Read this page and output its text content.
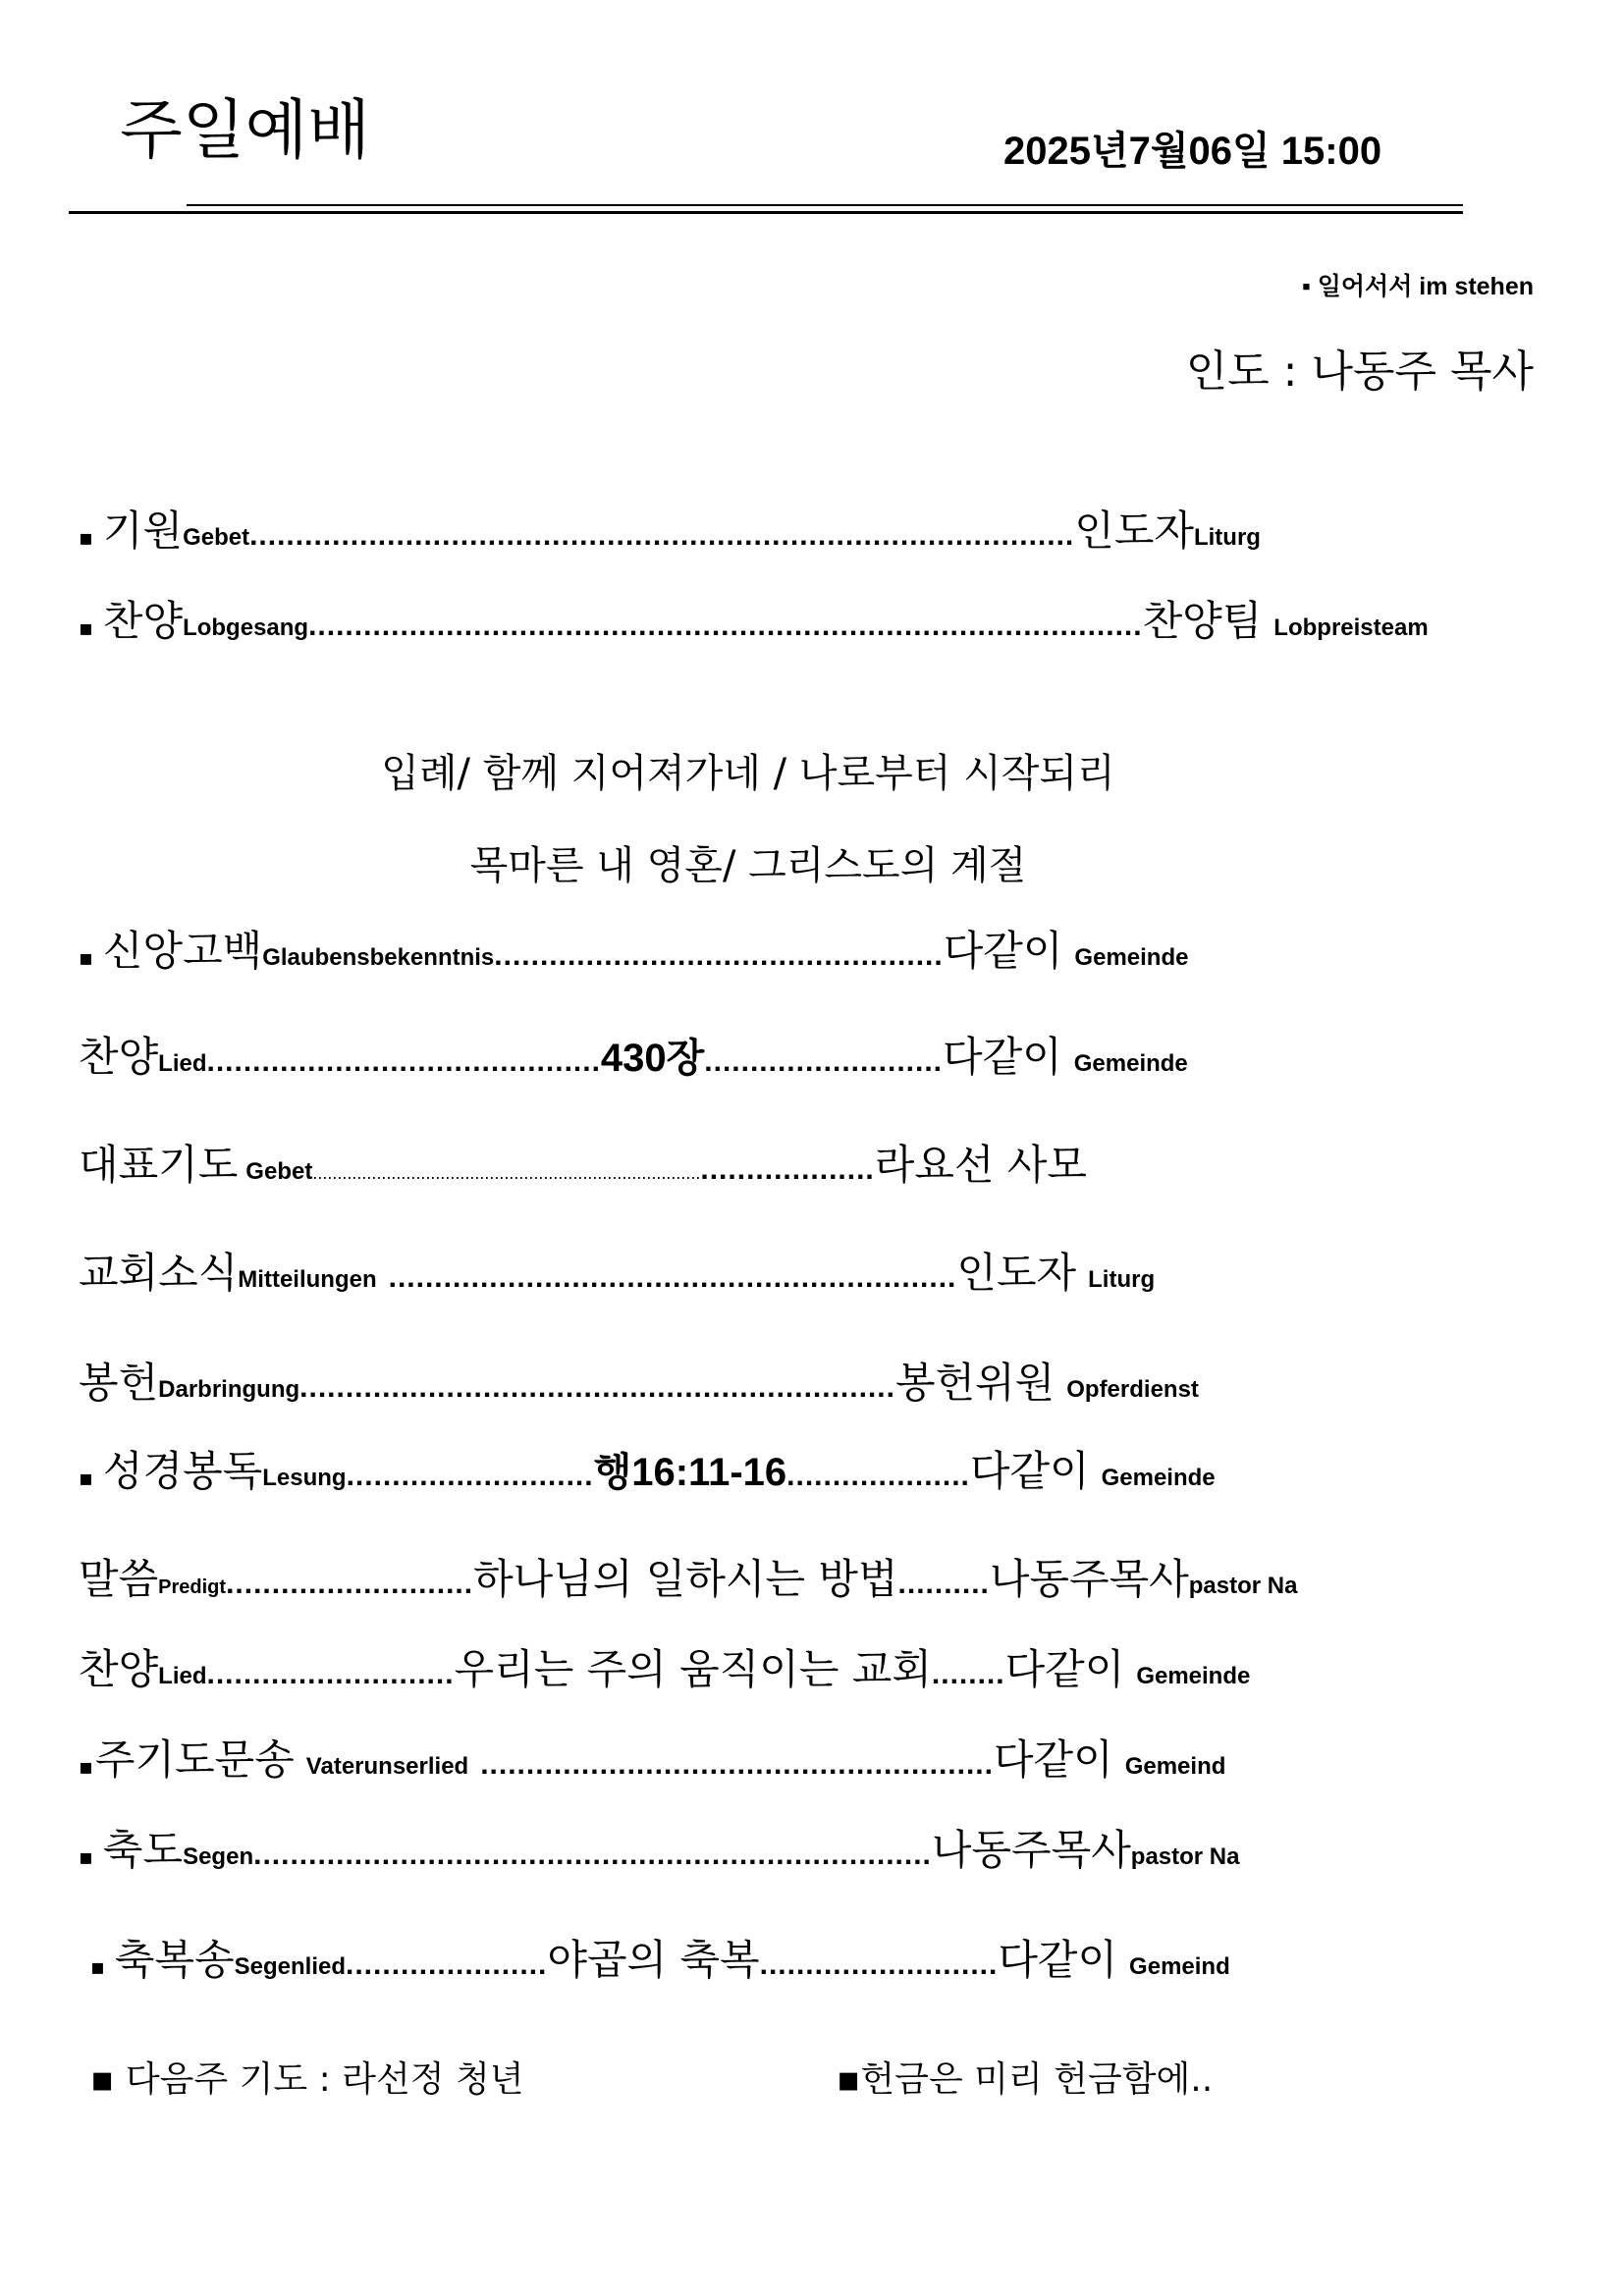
주일예배	2025년7월06일 15:00
▪ 일어서서 im stehen
인도 : 나동주 목사
▪ 기원 Gebet .......................................................................................... 인도자 Liturg
▪ 찬양 Lobgesang ........................................................................................... 찬양팀 Lobpreisteam
입례/ 함께 지어져가네 / 나로부터 시작되리
목마른 내 영혼/ 그리스도의 계절
▪ 신앙고백 Glaubensbekenntnis ................................................. 다같이 Gemeinde
찬양 Lied ........................................... 430장 .......................... 다같이 Gemeinde
대표기도 Gebet ............................................................................... ................... 라요선 사모
교회소식 Mitteilungen .............................................................. 인도자 Liturg
봉헌 Darbringung ................................................................. 봉헌위원 Opferdienst
▪ 성경봉독 Lesung ........................... 행16:11-16 .................... 다같이 Gemeinde
말씀 Predigt ........................... 하나님의 일하시는 방법 .......... 나동주목사 pastor Na
찬양 Lied ........................... 우리는 주의 움직이는 교회 ........ 다같이 Gemeinde
▪ 주기도문송 Vaterunserlied ........................................................ 다같이 Gemeind
▪ 축도 Segen .......................................................................... 나동주목사 pastor Na
▪ 축복송 Segenlied ...................... 야곱의 축복 .......................... 다같이 Gemeind
▪ 다음주 기도 : 라선정 청년	▪헌금은 미리 헌금함에..
